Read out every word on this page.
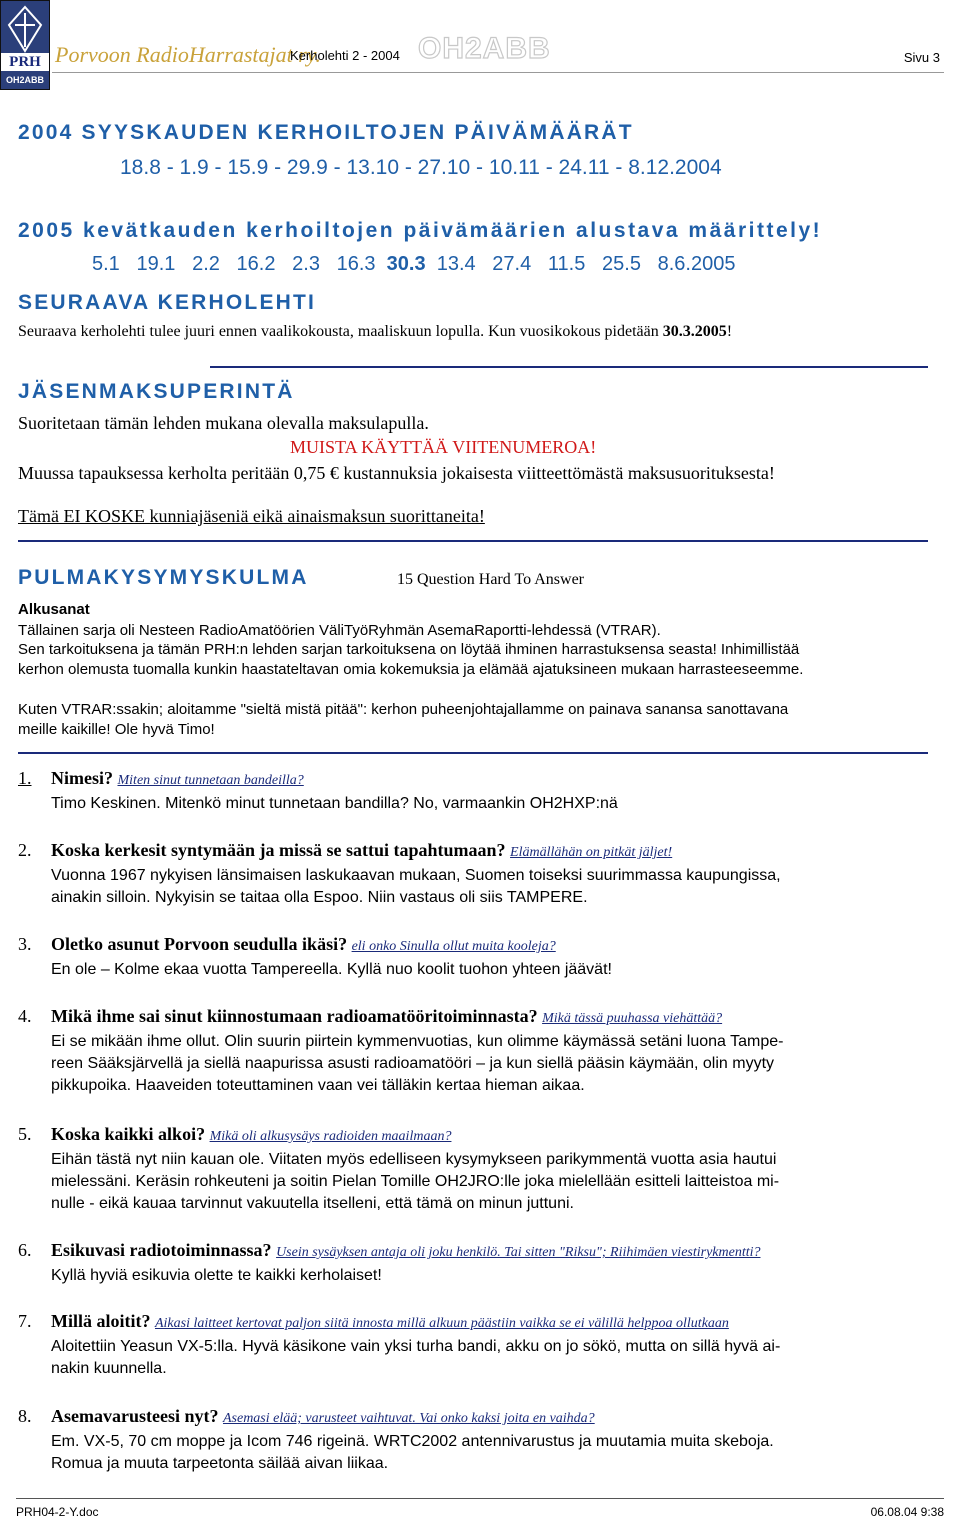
PRH
OH2ABB
Porvoon RadioHarrastajat ry.
Kerholehti 2 - 2004 OH2ABB	Sivu 3
2004 SYYSKAUDEN KERHOILTOJEN PÄIVÄMÄÄRÄT
18.8 - 1.9 - 15.9 - 29.9 - 13.10 - 27.10 - 10.11 - 24.11 - 8.12.2004
2005 kevätkauden kerhoiltojen päivämäärien alustava määrittely!
5.1   19.1   2.2   16.2   2.3   16.3  30.3  13.4   27.4   11.5   25.5   8.6.2005
SEURAAVA KERHOLEHTI
Seuraava kerholehti tulee juuri ennen vaalikokousta, maaliskuun lopulla. Kun vuosikokous pidetään 30.3.2005!
JÄSENMAKSUPERINTÄ
Suoritetaan tämän lehden mukana olevalla maksulapulla.
MUISTA KÄYTTÄÄ VIITENUMEROA!
Muussa tapauksessa kerholta peritään 0,75 € kustannuksia jokaisesta viitteettömästä maksusuorituksesta!
Tämä EI KOSKE kunniajäseniä eikä ainaismaksun suorittaneita!
PULMAKYSYMYSKULMA	15 Question Hard To Answer
Alkusanat
Tällainen sarja oli Nesteen RadioAmatöörien VäliTyöRyhmän AsemaRaportti-lehdessä (VTRAR).
Sen tarkoituksena ja tämän PRH:n lehden sarjan tarkoituksena on löytää ihminen harrastuksensa seasta! Inhimillistää
kerhon olemusta tuomalla kunkin haastateltavan omia kokemuksia ja elämää ajatuksineen mukaan harrasteeseemme.
Kuten VTRAR:ssakin; aloitamme "sieltä mistä pitää": kerhon puheenjohtajallamme on painava sanansa sanottavana
meille kaikille! Ole hyvä Timo!
1. Nimesi? Miten sinut tunnetaan bandeilla?
Timo Keskinen. Mitenkö minut tunnetaan bandilla? No, varmaankin OH2HXP:nä
2. Koska kerkesit syntymään ja missä se sattui tapahtumaan? Elämällähän on pitkät jäljet!
Vuonna 1967 nykyisen länsimaisen laskukaavan mukaan, Suomen toiseksi suurimmassa kaupungissa,
ainakin silloin. Nykyisin se taitaa olla Espoo. Niin vastaus oli siis TAMPERE.
3. Oletko asunut Porvoon seudulla ikäsi? eli onko Sinulla ollut muita kooleja?
En ole – Kolme ekaa vuotta Tampereella. Kyllä nuo koolit tuohon yhteen jäävät!
4. Mikä ihme sai sinut kiinnostumaan radioamatööritoiminnasta? Mikä tässä puuhassa viehättää?
Ei se mikään ihme ollut. Olin suurin piirtein kymmenvuotias, kun olimme käymässä setäni luona Tampe-
reen Sääksjärvellä ja siellä naapurissa asusti radioamatööri – ja kun siellä pääsin käymään, olin myyty
pikkupoika. Haaveiden toteuttaminen vaan vei tälläkin kertaa hieman aikaa.
5. Koska kaikki alkoi? Mikä oli alkusysäys radioiden maailmaan?
Eihän tästä nyt niin kauan ole. Viitaten myös edelliseen kysymykseen parikymmentä vuotta asia hautui
mielessäni. Keräsin rohkeuteni ja soitin Pielan Tomille OH2JRO:lle joka mielellään esitteli laitteistoa mi-
nulle - eikä kauaa tarvinnut vakuutella itselleni, että tämä on minun juttuni.
6. Esikuvasi radiotoiminnassa? Usein sysäyksen antaja oli joku henkilö. Tai sitten "Riksu"; Riihimäen viestirykmentti?
Kyllä hyviä esikuvia olette te kaikki kerholaiset!
7. Millä aloitit? Aikasi laitteet kertovat paljon siitä innosta millä alkuun päästiin vaikka se ei välillä helppoa ollutkaan
Aloitettiin Yeasun VX-5:lla. Hyvä käsikone vain yksi turha bandi, akku on jo sökö, mutta on sillä hyvä ai-
nakin kuunnella.
8. Asemavarusteesi nyt? Asemasi elää; varusteet vaihtuvat. Vai onko kaksi joita en vaihda?
Em. VX-5, 70 cm moppe ja Icom 746 rigeinä. WRTC2002 antennivarustus ja muutamia muita skeboja.
Romua ja muuta tarpeetonta säilää aivan liikaa.
PRH04-2-Y.doc	06.08.04 9:38
